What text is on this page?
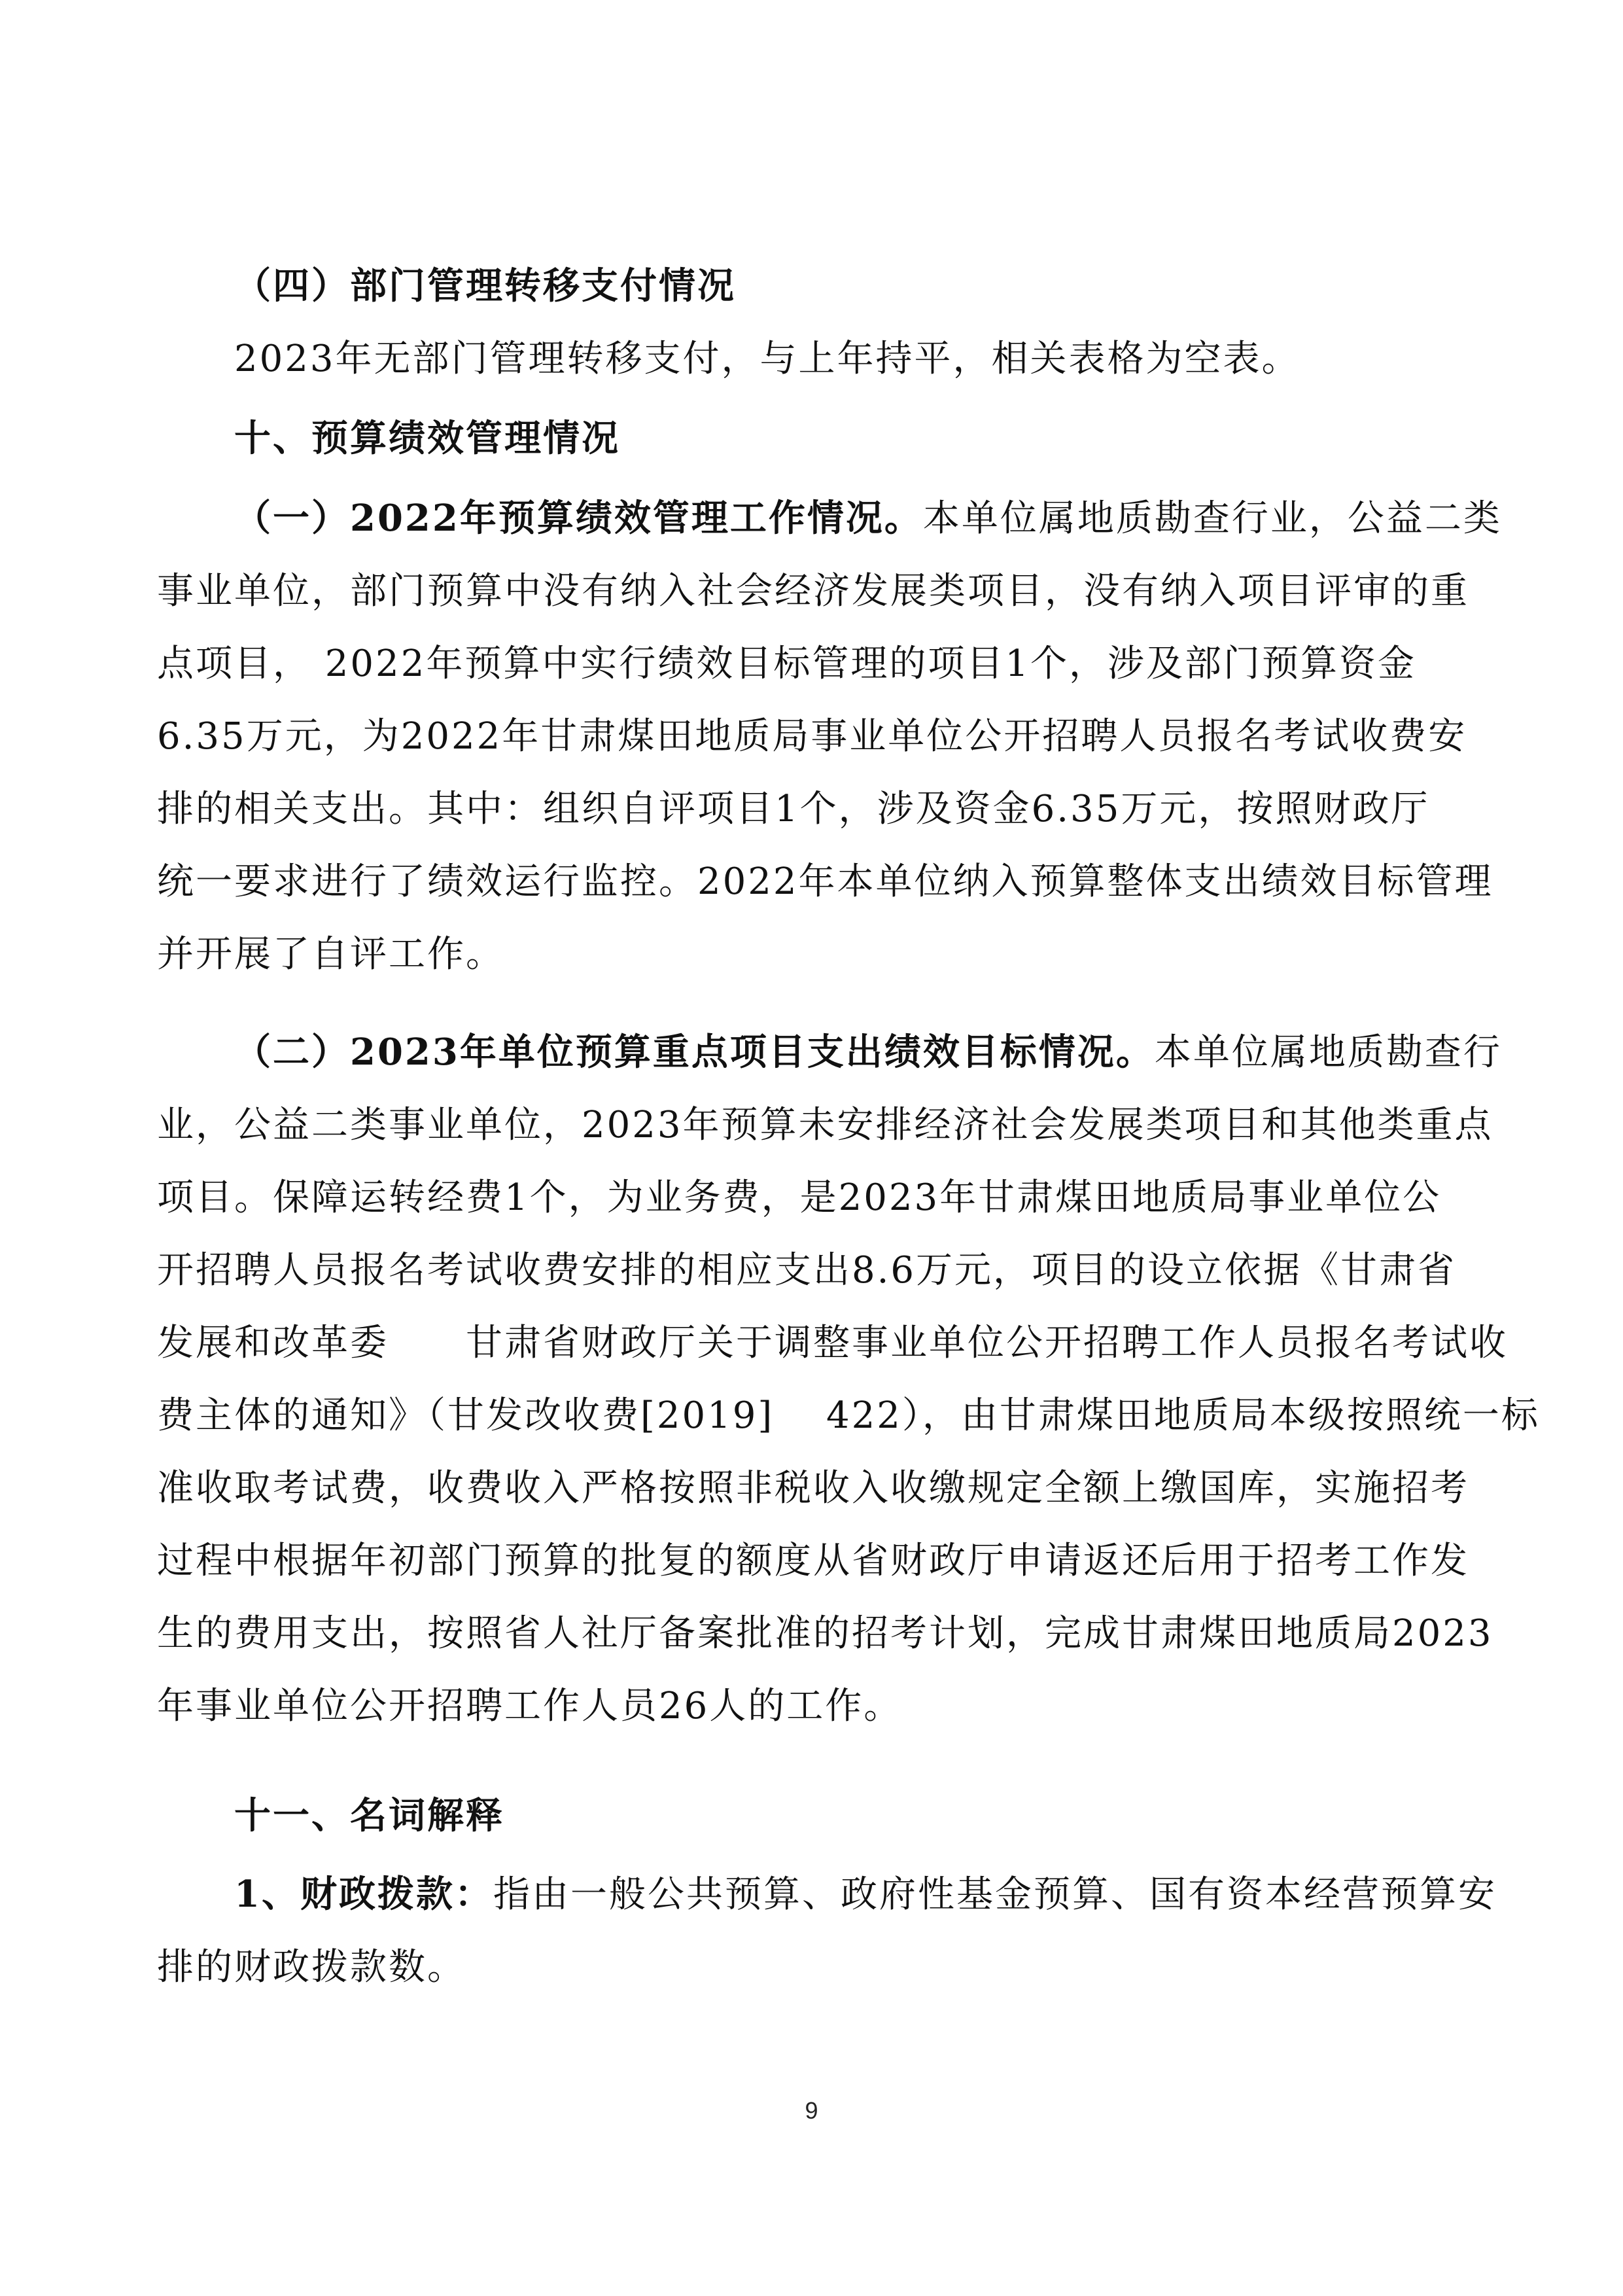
（四）部门管理转移支付情况
2023年无部门管理转移支付，与上年持平，相关表格为空表。
十、预算绩效管理情况
（一）2022年预算绩效管理工作情况。本单位属地质勘查行业，公益二类
事业单位，部门预算中没有纳入社会经济发展类项目，没有纳入项目评审的重
点项目， 2022年预算中实行绩效目标管理的项目1个，涉及部门预算资金
6.35万元，为2022年甘肃煤田地质局事业单位公开招聘人员报名考试收费安
排的相关支出。其中：组织自评项目1个，涉及资金6.35万元，按照财政厅
统一要求进行了绩效运行监控。2022年本单位纳入预算整体支出绩效目标管理
并开展了自评工作。
（二）2023年单位预算重点项目支出绩效目标情况。本单位属地质勘查行
业，公益二类事业单位，2023年预算未安排经济社会发展类项目和其他类重点
项目。保障运转经费1个，为业务费，是2023年甘肃煤田地质局事业单位公
开招聘人员报名考试收费安排的相应支出8.6万元，项目的设立依据《甘肃省
发展和改革委　　甘肃省财政厅关于调整事业单位公开招聘工作人员报名考试收
费主体的通知》（甘发改收费[2019]　 422），由甘肃煤田地质局本级按照统一标
准收取考试费，收费收入严格按照非税收入收缴规定全额上缴国库，实施招考
过程中根据年初部门预算的批复的额度从省财政厅申请返还后用于招考工作发
生的费用支出，按照省人社厅备案批准的招考计划，完成甘肃煤田地质局2023
年事业单位公开招聘工作人员26人的工作。
十一、名词解释
1、财政拨款：指由一般公共预算、政府性基金预算、国有资本经营预算安
排的财政拨款数。
9
